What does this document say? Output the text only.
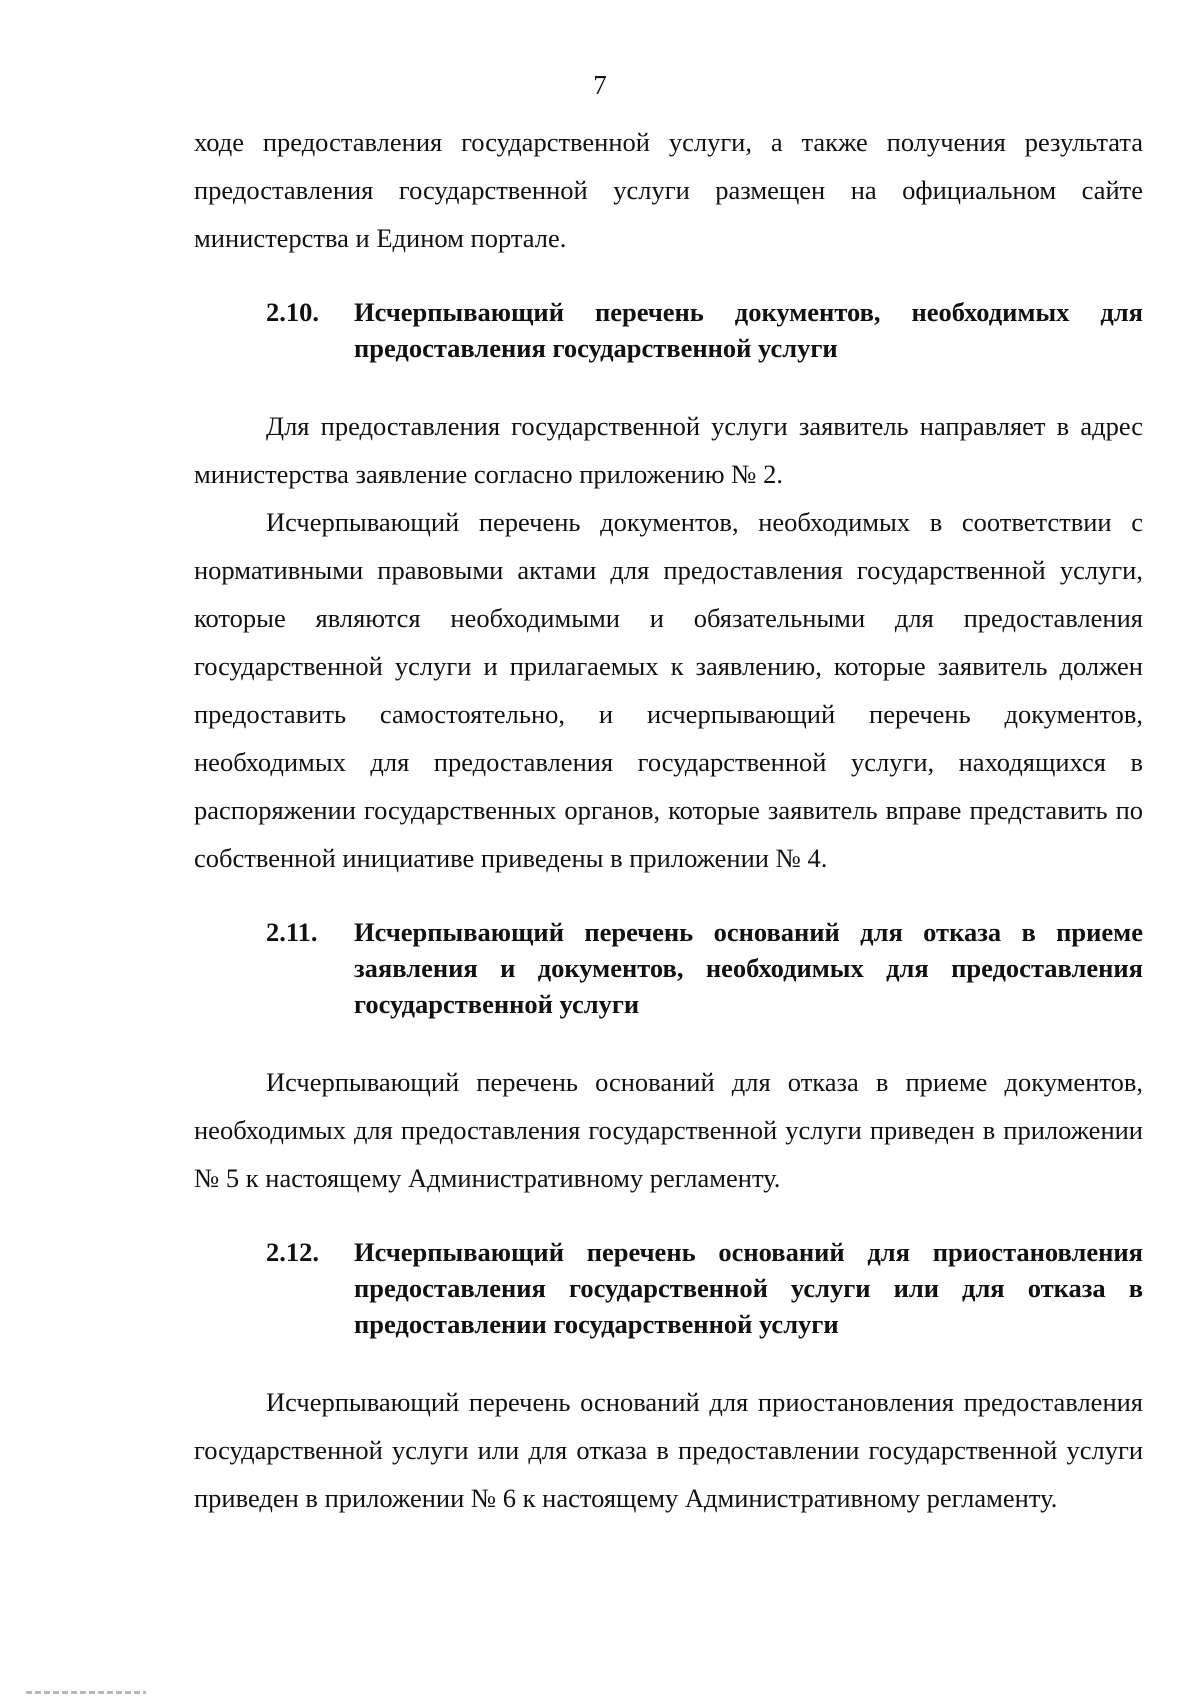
7

ходе предоставления государственной услуги, а также получения результата предоставления государственной услуги размещен на официальном сайте министерства и Едином портале.

2.10.	Исчерпывающий перечень документов, необходимых для предоставления государственной услуги

Для предоставления государственной услуги заявитель направляет в адрес министерства заявление согласно приложению № 2.

Исчерпывающий перечень документов, необходимых в соответствии с нормативными правовыми актами для предоставления государственной услуги, которые являются необходимыми и обязательными для предоставления государственной услуги и прилагаемых к заявлению, которые заявитель должен предоставить самостоятельно, и исчерпывающий перечень документов, необходимых для предоставления государственной услуги, находящихся в распоряжении государственных органов, которые заявитель вправе представить по собственной инициативе приведены в приложении № 4.

2.11.	Исчерпывающий перечень оснований для отказа в приеме заявления и документов, необходимых для предоставления государственной услуги

Исчерпывающий перечень оснований для отказа в приеме документов, необходимых для предоставления государственной услуги приведен в приложении № 5 к настоящему Административному регламенту.

2.12.	Исчерпывающий перечень оснований для приостановления предоставления государственной услуги или для отказа в предоставлении государственной услуги

Исчерпывающий перечень оснований для приостановления предоставления государственной услуги или для отказа в предоставлении государственной услуги приведен в приложении № 6 к настоящему Административному регламенту.
